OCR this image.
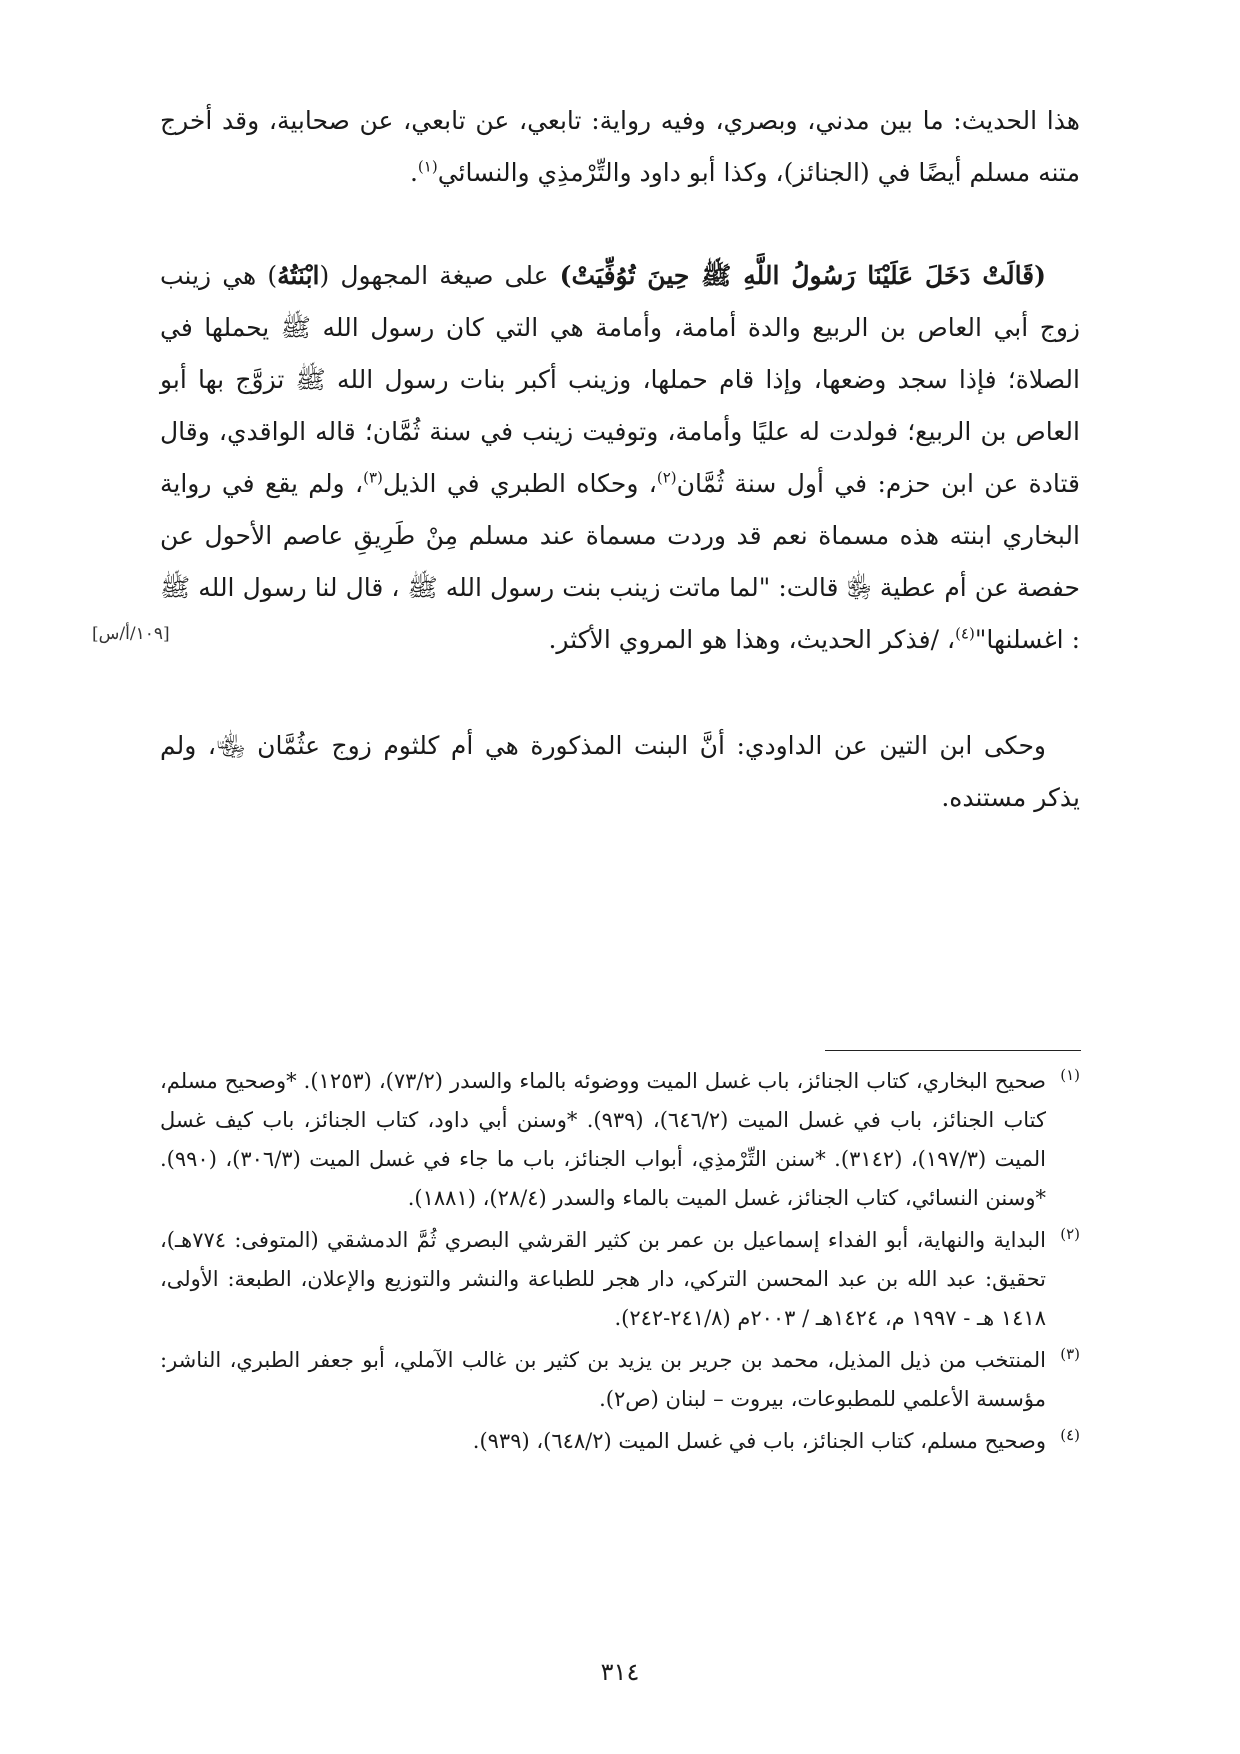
هذا الحديث: ما بين مدني، وبصري، وفيه رواية: تابعي، عن تابعي، عن صحابية، وقد أخرج متنه مسلم أيضًا في (الجنائز)، وكذا أبو داود والتِّرْمذِي والنسائي$^{(١)}$.

(قَالَتْ دَخَلَ عَلَيْنَا رَسُولُ اللَّهِ ﷺ حِينَ تُوُفِّيَتْ) على صيغة المجهول (ابْنَتُهُ) هي زينب زوج أبي العاص بن الربيع والدة أمامة، وأمامة هي التي كان رسول الله ﷺ يحملها في الصلاة؛ فإذا سجد وضعها، وإذا قام حملها، وزينب أكبر بنات رسول الله ﷺ تزوَّج بها أبو العاص بن الربيع؛ فولدت له عليًا وأمامة، وتوفيت زينب في سنة ثُمَّان؛ قاله الواقدي، وقال قتادة عن ابن حزم: في أول سنة ثُمَّان$^{(٢)}$، وحكاه الطبري في الذيل$^{(٣)}$، ولم يقع في رواية البخاري ابنته هذه مسماة نعم قد وردت مسماة عند مسلم مِنْ طَرِيقِ عاصم الأحول عن حفصة عن أم عطية ﵂ قالت: "لما ماتت زينب بنت رسول الله ﷺ ، قال لنا رسول الله ﷺ : اغسلنها"$^{(٤)}$، /فذكر الحديث، وهذا هو المروي الأكثر.

[١٠٩/أ/س]

وحكى ابن التين عن الداودي: أنَّ البنت المذكورة هي أم كلثوم زوج عثُمَّان ﵄، ولم يذكر مستنده.

(١)
صحيح البخاري، كتاب الجنائز، باب غسل الميت ووضوئه بالماء والسدر (٧٣/٢)، (١٢٥٣). *وصحيح مسلم، كتاب الجنائز، باب في غسل الميت (٦٤٦/٢)، (٩٣٩). *وسنن أبي داود، كتاب الجنائز، باب كيف غسل الميت (١٩٧/٣)، (٣١٤٢). *سنن التِّرْمذِي، أبواب الجنائز، باب ما جاء في غسل الميت (٣٠٦/٣)، (٩٩٠). *وسنن النسائي، كتاب الجنائز، غسل الميت بالماء والسدر (٢٨/٤)، (١٨٨١).
(٢)
البداية والنهاية، أبو الفداء إسماعيل بن عمر بن كثير القرشي البصري ثُمَّ الدمشقي (المتوفى: ٧٧٤هـ)، تحقيق: عبد الله بن عبد المحسن التركي، دار هجر للطباعة والنشر والتوزيع والإعلان، الطبعة: الأولى، ١٤١٨ هـ - ١٩٩٧ م، ١٤٢٤هـ / ٢٠٠٣م (٢٤١/٨-٢٤٢).
(٣)
المنتخب من ذيل المذيل، محمد بن جرير بن يزيد بن كثير بن غالب الآملي، أبو جعفر الطبري، الناشر: مؤسسة الأعلمي للمطبوعات، بيروت – لبنان (ص٢).
(٤)
وصحيح مسلم، كتاب الجنائز، باب في غسل الميت (٦٤٨/٢)، (٩٣٩).
٣١٤
